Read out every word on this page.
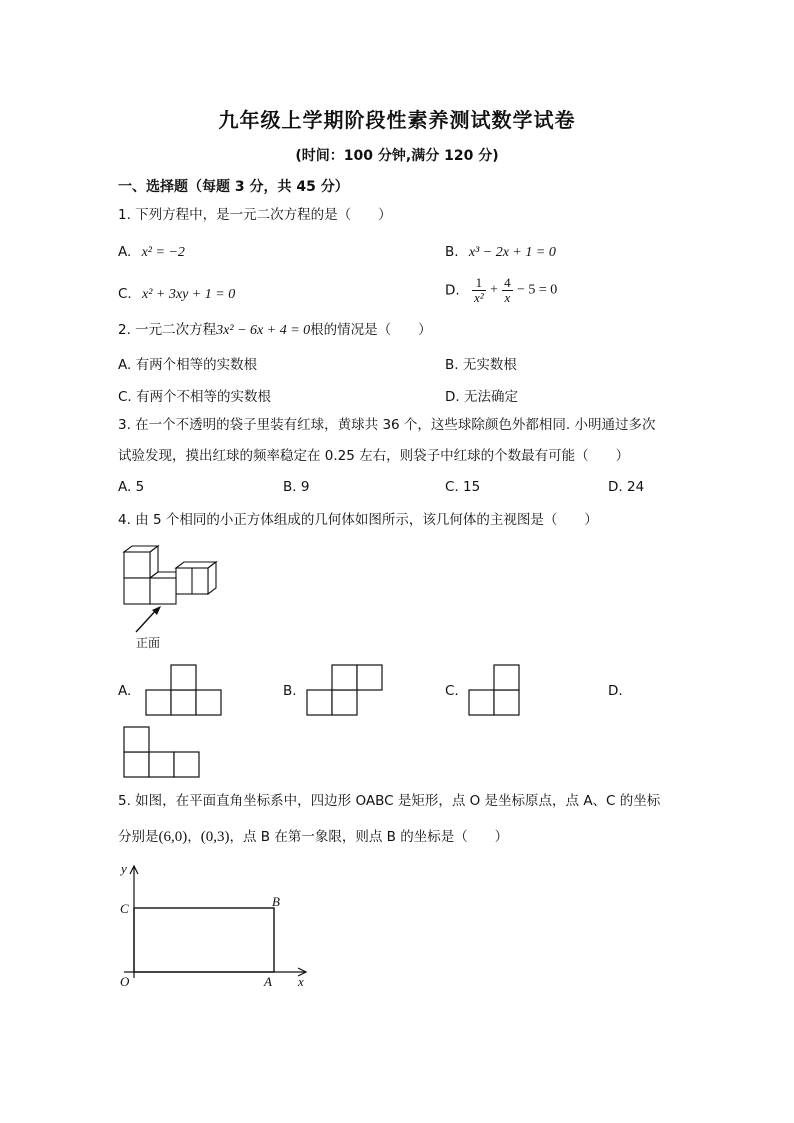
九年级上学期阶段性素养测试数学试卷
(时间：100 分钟,满分 120 分)
一、选择题（每题 3 分，共 45 分）
1. 下列方程中，是一元二次方程的是（　　）
A. x² = −2	B. x³ − 2x + 1 = 0
C. x² + 3xy + 1 = 0	D. $\frac{1}{\text{x²}} + \frac{4}{x} - 5 = 0$
2. 一元二次方程3x² − 6x + 4 = 0根的情况是（　　）
A. 有两个相等的实数根	B. 无实数根
C. 有两个不相等的实数根	D. 无法确定
3. 在一个不透明的袋子里装有红球，黄球共 36 个，这些球除颜色外都相同. 小明通过多次
试验发现，摸出红球的频率稳定在 0.25 左右，则袋子中红球的个数最有可能（　　）
A. 5	B. 9	C. 15	D. 24
4. 由 5 个相同的小正方体组成的几何体如图所示，该几何体的主视图是（　　）
正面
A.	B.	C.	D.
5. 如图，在平面直角坐标系中，四边形 OABC 是矩形，点 O 是坐标原点，点 A、C 的坐标
分别是(6,0)，(0,3)，点 B 在第一象限，则点 B 的坐标是（　　）
y
x
O	A
B
C
